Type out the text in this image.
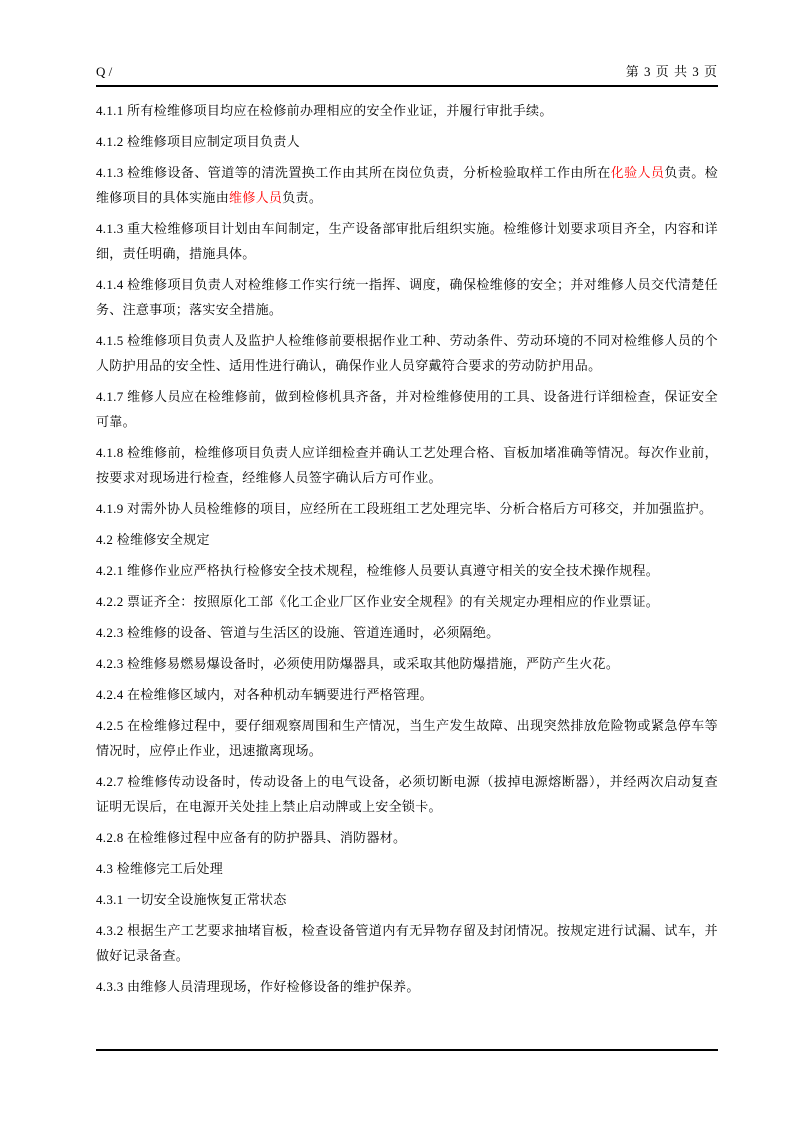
Q /	第 3 页 共 3 页

4.1.1 所有检维修项目均应在检修前办理相应的安全作业证，并履行审批手续。

4.1.2 检维修项目应制定项目负责人

4.1.3 检维修设备、管道等的清洗置换工作由其所在岗位负责，分析检验取样工作由所在化验人员负责。检维修项目的具体实施由维修人员负责。

4.1.3 重大检维修项目计划由车间制定，生产设备部审批后组织实施。检维修计划要求项目齐全，内容和详细，责任明确，措施具体。

4.1.4 检维修项目负责人对检维修工作实行统一指挥、调度，确保检维修的安全；并对维修人员交代清楚任务、注意事项；落实安全措施。

4.1.5 检维修项目负责人及监护人检维修前要根据作业工种、劳动条件、劳动环境的不同对检维修人员的个人防护用品的安全性、适用性进行确认，确保作业人员穿戴符合要求的劳动防护用品。

4.1.7 维修人员应在检维修前，做到检修机具齐备，并对检维修使用的工具、设备进行详细检查，保证安全可靠。

4.1.8 检维修前，检维修项目负责人应详细检查并确认工艺处理合格、盲板加堵准确等情况。每次作业前，按要求对现场进行检查，经维修人员签字确认后方可作业。

4.1.9 对需外协人员检维修的项目，应经所在工段班组工艺处理完毕、分析合格后方可移交，并加强监护。

4.2 检维修安全规定

4.2.1 维修作业应严格执行检修安全技术规程，检维修人员要认真遵守相关的安全技术操作规程。

4.2.2 票证齐全：按照原化工部《化工企业厂区作业安全规程》的有关规定办理相应的作业票证。

4.2.3 检维修的设备、管道与生活区的设施、管道连通时，必须隔绝。

4.2.3 检维修易燃易爆设备时，必须使用防爆器具，或采取其他防爆措施，严防产生火花。

4.2.4 在检维修区域内，对各种机动车辆要进行严格管理。

4.2.5 在检维修过程中，要仔细观察周围和生产情况，当生产发生故障、出现突然排放危险物或紧急停车等情况时，应停止作业，迅速撤离现场。

4.2.7 检维修传动设备时，传动设备上的电气设备，必须切断电源（拔掉电源熔断器），并经两次启动复查证明无误后，在电源开关处挂上禁止启动牌或上安全锁卡。

4.2.8 在检维修过程中应备有的防护器具、消防器材。

4.3 检维修完工后处理

4.3.1 一切安全设施恢复正常状态

4.3.2 根据生产工艺要求抽堵盲板，检查设备管道内有无异物存留及封闭情况。按规定进行试漏、试车，并做好记录备查。

4.3.3 由维修人员清理现场，作好检修设备的维护保养。
